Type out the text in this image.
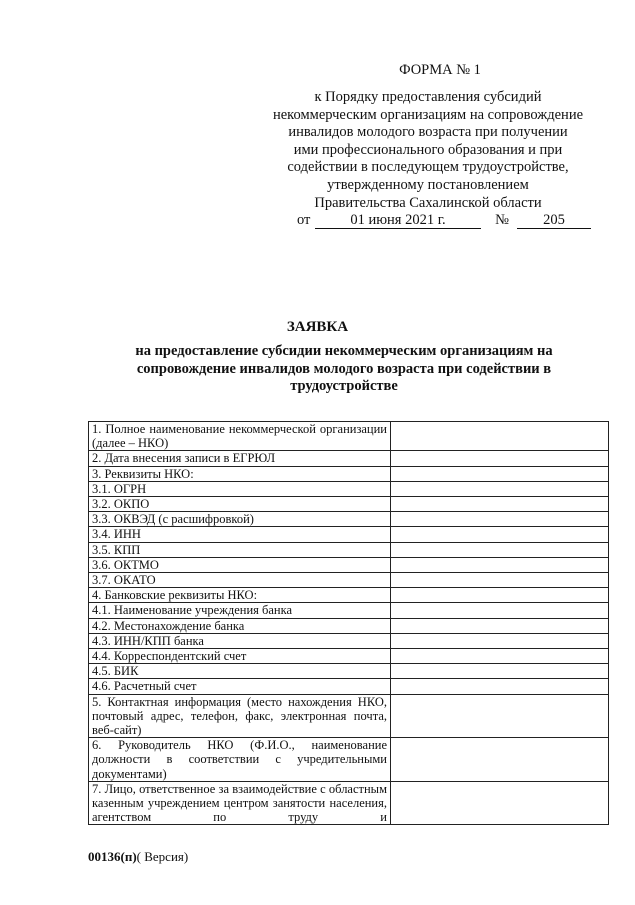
ФОРМА № 1
к Порядку предоставления субсидий
некоммерческим организациям на сопровождение
инвалидов молодого возраста при получении
ими профессионального образования и при
содействии в последующем трудоустройстве,
утвержденному постановлением
Правительства Сахалинской области
от	01 июня 2021 г.	№ 205
ЗАЯВКА
на предоставление субсидии некоммерческим организациям на
сопровождение инвалидов молодого возраста при содействии в
трудоустройстве
1. Полное наименование некоммерческой организации (далее – НКО)	
2. Дата внесения записи в ЕГРЮЛ	
3. Реквизиты НКО:	
3.1. ОГРН	
3.2. ОКПО	
3.3. ОКВЭД (с расшифровкой)	
3.4. ИНН	
3.5. КПП	
3.6. ОКТМО	
3.7. ОКАТО	
4. Банковские реквизиты НКО:	
4.1. Наименование учреждения банка	
4.2. Местонахождение банка	
4.3. ИНН/КПП банка	
4.4. Корреспондентский счет	
4.5. БИК	
4.6. Расчетный счет	
5. Контактная информация (место нахождения НКО, почтовый адрес, телефон, факс, электронная почта, веб-сайт)	
6. Руководитель НКО (Ф.И.О., наименование должности в соответствии с учредительными документами)	
7. Лицо, ответственное за взаимодействие с областным казенным учреждением центром занятости населения, агентством по труду и	
00136(п)( Версия)
